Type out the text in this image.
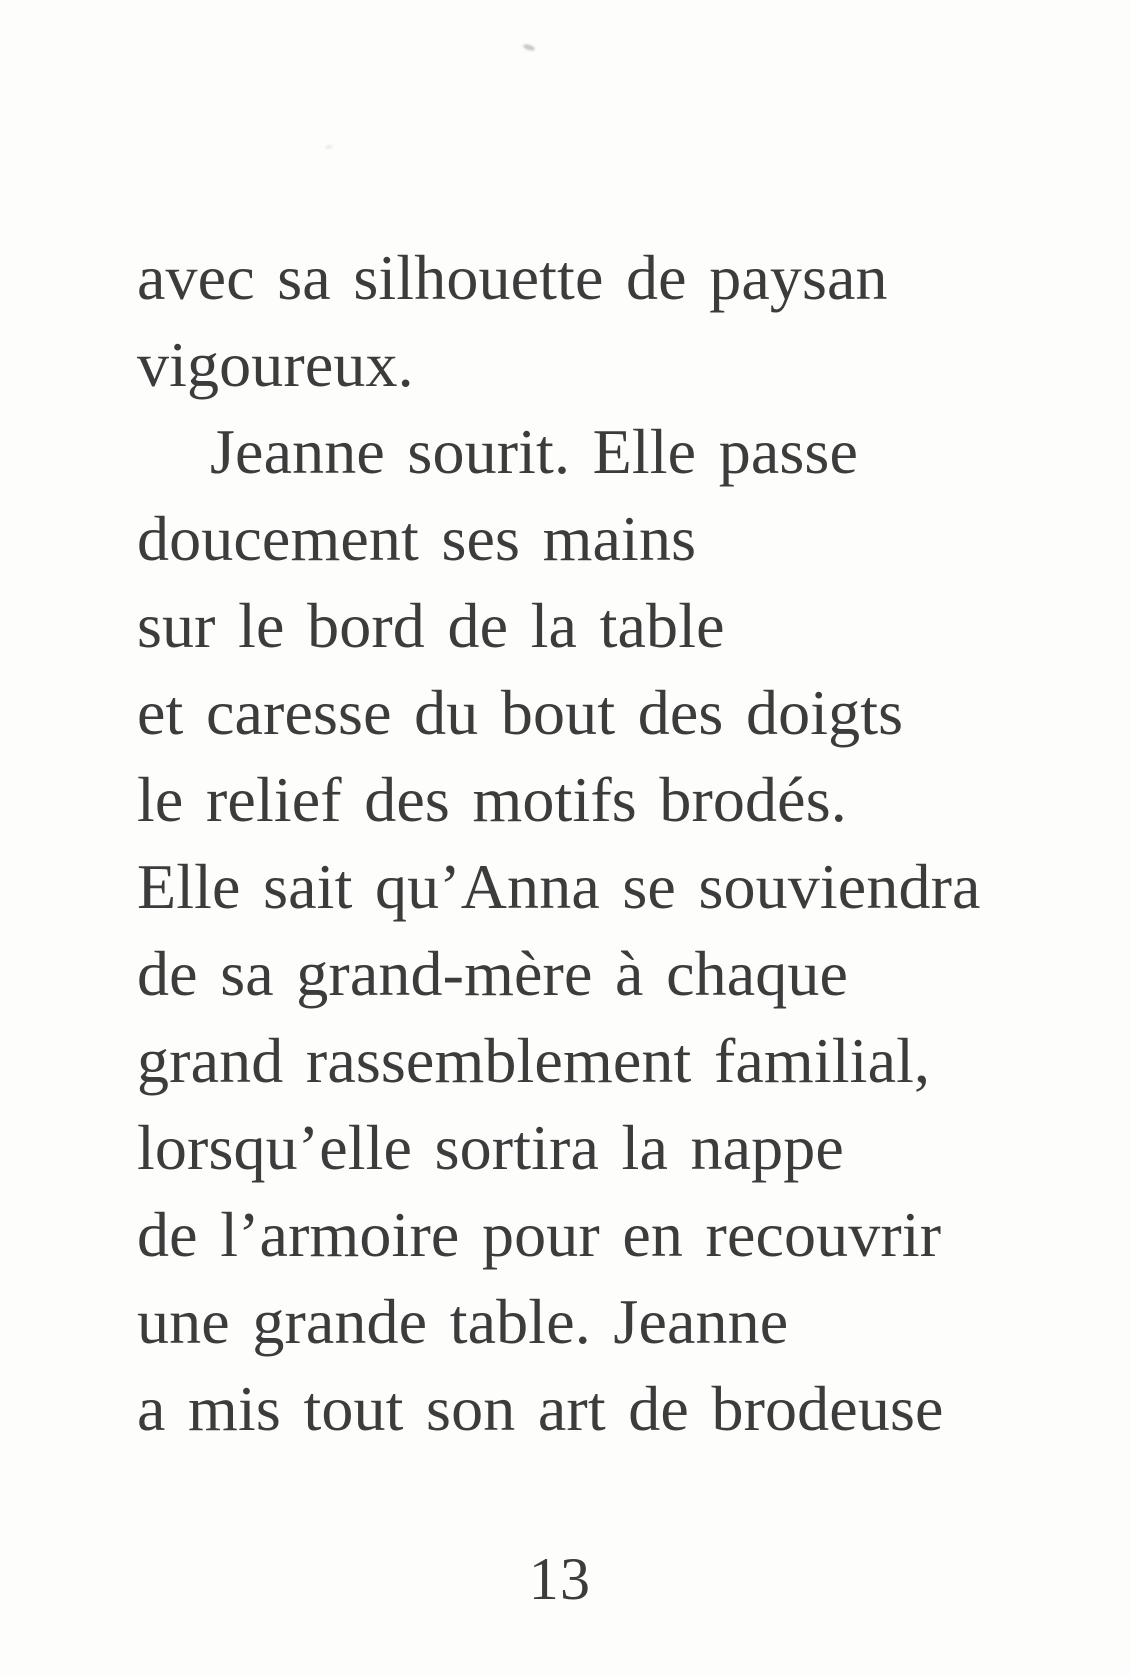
avec sa silhouette de paysan
vigoureux.
Jeanne sourit. Elle passe
doucement ses mains
sur le bord de la table
et caresse du bout des doigts
le relief des motifs brodés.
Elle sait qu’Anna se souviendra
de sa grand-mère à chaque
grand rassemblement familial,
lorsqu’elle sortira la nappe
de l’armoire pour en recouvrir
une grande table. Jeanne
a mis tout son art de brodeuse
13
